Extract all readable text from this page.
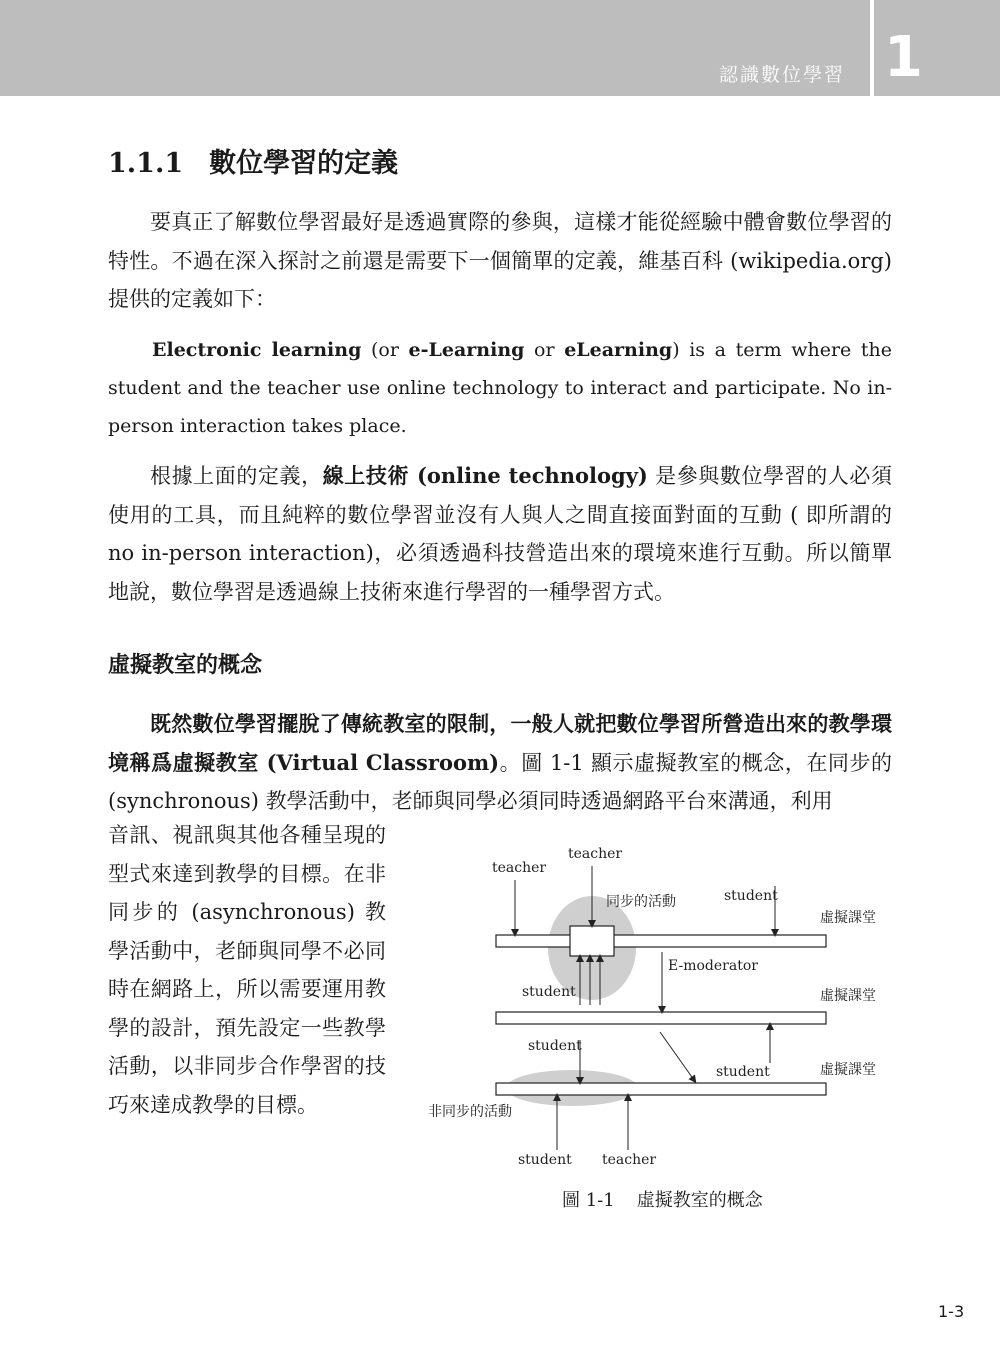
認識數位學習 1
1.1.1 數位學習的定義

要真正了解數位學習最好是透過實際的參與，這樣才能從經驗中體會數位學習的特性。不過在深入探討之前還是需要下一個簡單的定義，維基百科 (wikipedia.org) 提供的定義如下：

Electronic learning (or e-Learning or eLearning) is a term where the student and the teacher use online technology to interact and participate. No in-person interaction takes place.

根據上面的定義，線上技術 (online technology) 是參與數位學習的人必須使用的工具，而且純粹的數位學習並沒有人與人之間直接面對面的互動 ( 即所謂的 no in-person interaction)，必須透過科技營造出來的環境來進行互動。所以簡單地說，數位學習是透過線上技術來進行學習的一種學習方式。

虛擬教室的概念

既然數位學習擺脫了傳統教室的限制，一般人就把數位學習所營造出來的教學環境稱爲虛擬教室 (Virtual Classroom)。圖 1-1 顯示虛擬教室的概念，在同步的 (synchronous) 教學活動中，老師與同學必須同時透過網路平台來溝通，利用

音訊、視訊與其他各種呈現的型式來達到教學的目標。在非同步的 (asynchronous) 教學活動中，老師與同學不必同時在網路上，所以需要運用教學的設計，預先設定一些教學活動，以非同步合作學習的技巧來達成教學的目標。

teacher
teacher
同步的活動	student
虛擬課堂
E-moderator
student	虛擬課堂
student
student	虛擬課堂
非同步的活動
student teacher
圖 1-1 虛擬教室的概念
1-3
